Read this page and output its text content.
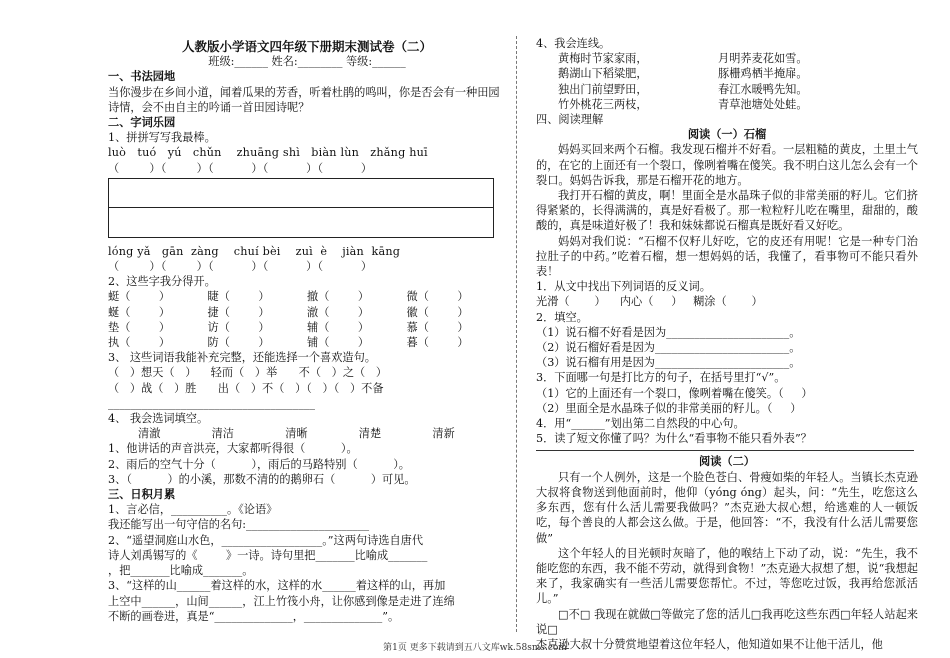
人教版小学语文四年级下册期末测试卷（二）
班级:______ 姓名:________ 等级:______
一、书法园地
当你漫步在乡间小道，闻着瓜果的芳香，听着杜鹃的鸣叫，你是否会有一种田园诗情，会不由自主的吟诵一首田园诗呢？
二、字词乐园
1、拼拼写写我最棒。
luò   tuó   yú   chǔn    zhuāng shì   biàn lùn   zhǎng huī
（        ）（        ）（          ）（          ）（          ）
lóng yǎ   gān  zàng    chuí bèi    zuì  è    jiàn  kāng
（        ）（        ）（          ）（          ）（          ）
2、这些字我分得开。
蜓（        ）	睫（        ）	撤（        ）	微（        ）
蜒（        ）	捷（        ）	澈（        ）	徽（        ）
垫（        ）	访（        ）	辅（        ）	慕（        ）
执（        ）	防（        ）	铺（        ）	暮（        ）
3、 这些词语我能补充完整，还能选择一个喜欢造句。
（   ）想天（   ）    轻而（   ）举      不（   ）之（   ）
（   ）战（   ）胜      出（   ）不（   ）（   ）（   ）不备
_____________________________________
4、 我会选词填空。
清澈	清洁	清晰	清楚	清新
1、他讲话的声音洪亮，大家都听得很（          ）。
2、雨后的空气十分（          ），雨后的马路特别（          ）。
3、（          ）的小溪，那数不清的的鹅卵石（          ）可见。
三、日积月累
1、言必信，__________。《论语》
我还能写出一句守信的名句:______________________
2、“遥望洞庭山水色，__________________。”这两句诗选自唐代
诗人刘禹锡写的《        》一诗。诗句里把_______比喻成_______
，把_______比喻成_______。
3、“这样的山______着这样的水，这样的水______着这样的山，再加
上空中______，山间______，江上竹筏小舟，让你感到像是走进了连绵
不断的画卷进，真是“______________，______________”。
4、我会连线。
黄梅时节家家雨，	月明荞麦花如雪。
鹅湖山下稻粱肥，	豚栅鸡栖半掩扉。
独出门前望野田，	春江水暖鸭先知。
竹外桃花三两枝，	青草池塘处处蛙。
四、阅读理解
阅读（一）石榴
妈妈买回来两个石榴。我发现石榴并不好看。一层粗糙的黄皮，土里土气的，在它的上面还有一个裂口，像咧着嘴在傻笑。我不明白这儿怎么会有一个裂口。妈妈告诉我，那是石榴开花的地方。
我打开石榴的黄皮，啊！里面全是水晶珠子似的非常美丽的籽儿。它们挤得紧紧的，长得满满的，真是好看极了。那一粒粒籽儿吃在嘴里，甜甜的，酸酸的，真是味道好极了！我和妹妹都说石榴真是既好看又好吃。
妈妈对我们说：“石榴不仅籽儿好吃，它的皮还有用呢！它是一种专门治拉肚子的中药。”吃着石榴，想一想妈妈的话，我懂了，看事物可不能只看外表！
1．从文中找出下列词语的反义词。
光滑（       ）    内心（     ）   糊涂（       ）
2．填空。
（1）说石榴不好看是因为______________________。
（2）说石榴好看是因为________________________。
（3）说石榴有用是因为________________________。
3．下面哪一句是打比方的句子，在括号里打“√”。
（1）它的上面还有一个裂口，像咧着嘴在傻笑。（     ）
（2）里面全是水晶珠子似的非常美丽的籽儿。（     ）
4．用“______”划出第二自然段的中心句。
5．读了短文你懂了吗？为什么“看事物不能只看外表”？
阅读（二）
只有一个人例外，这是一个脸色苍白、骨瘦如柴的年轻人。当镇长杰克逊大叔将食物送到他面前时，他仰（yóng óng）起头，问：“先生，吃您这么多东西，您有什么活儿需要我做吗？”杰克逊大叔心想，给逃难的人一顿饭吃，每个善良的人都会这么做。于是，他回答：“不，我没有什么活儿需要您做”
这个年轻人的目光顿时灰暗了，他的喉结上下动了动，说：“先生，我不能吃您的东西，我不能不劳动，就得到食物！”杰克逊大叔想了想，说“我想起来了，我家确实有一些活儿需要您帮忙。不过，等您吃过饭，我再给您派活儿。”
□不□ 我现在就做□等做完了您的活儿□我再吃这些东西□年轻人站起来说□
杰克逊大叔十分赞赏地望着这位年轻人，他知道如果不让他干活儿，他
第1页 更多下载请到五八文库wk.58sms.com
